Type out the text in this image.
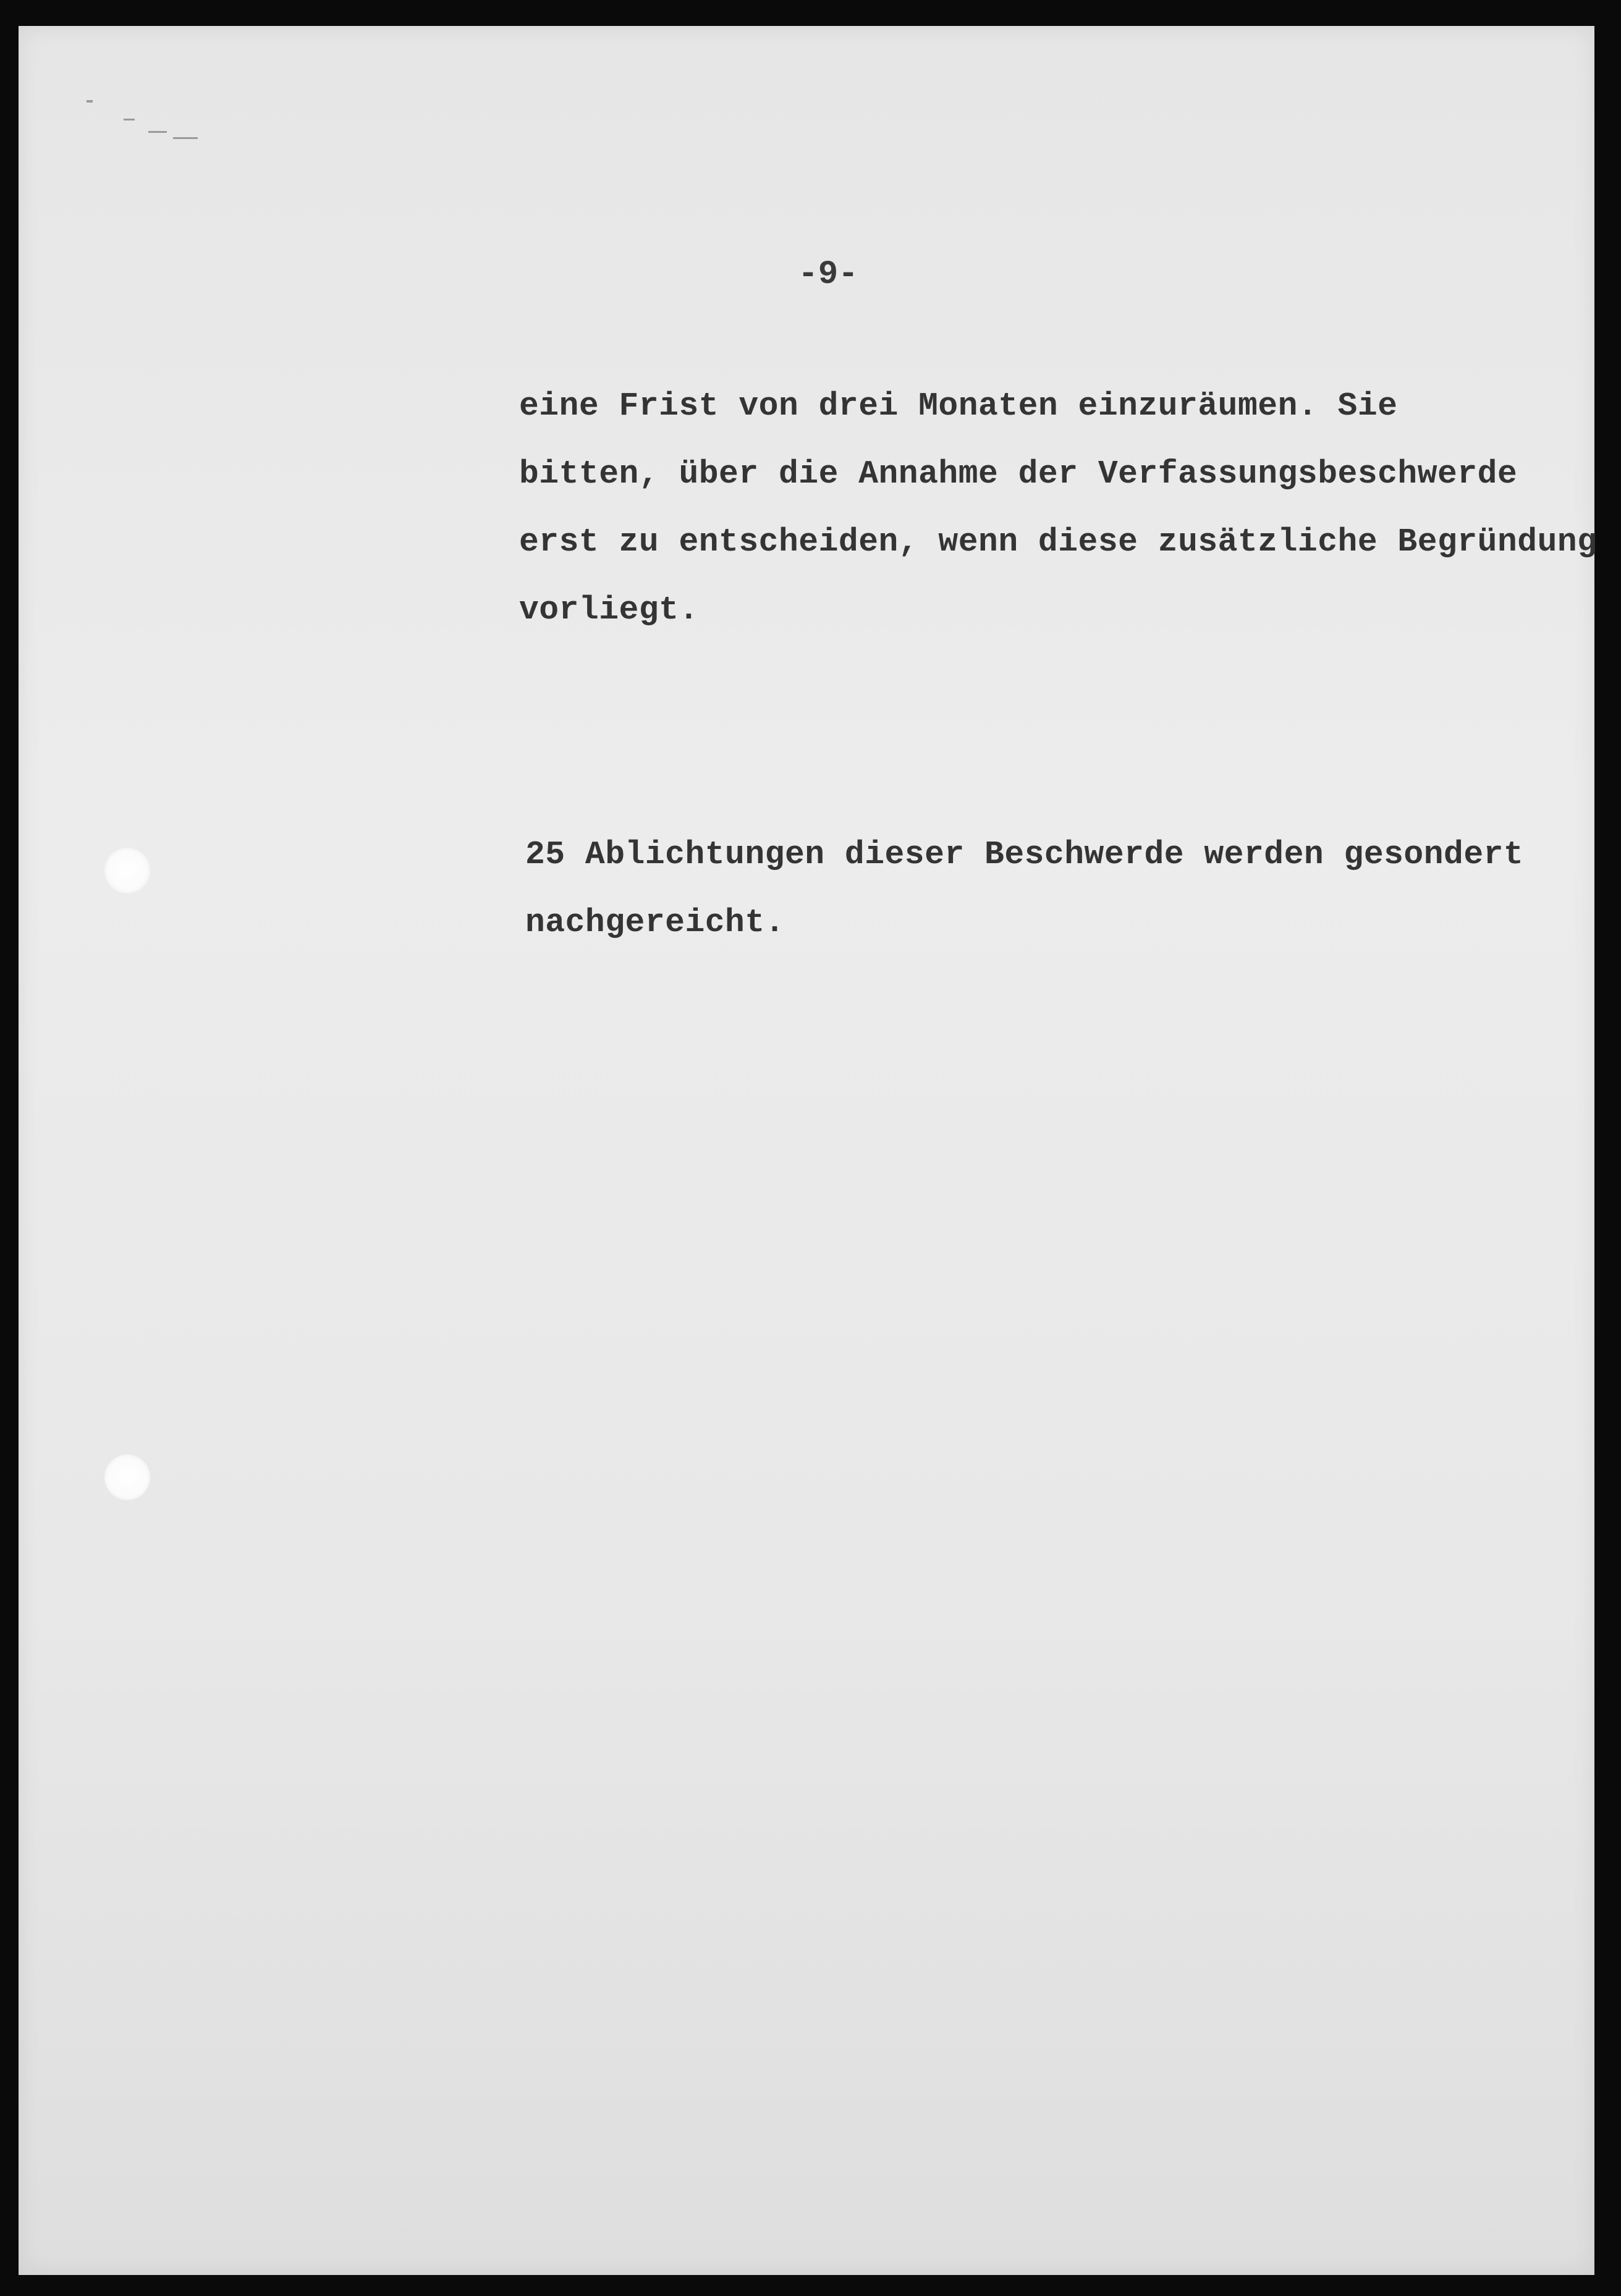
-9-
eine Frist von drei Monaten einzuräumen. Sie
bitten, über die Annahme der Verfassungsbeschwerde
erst zu entscheiden, wenn diese zusätzliche Begründung
vorliegt.
25 Ablichtungen dieser Beschwerde werden gesondert
nachgereicht.
